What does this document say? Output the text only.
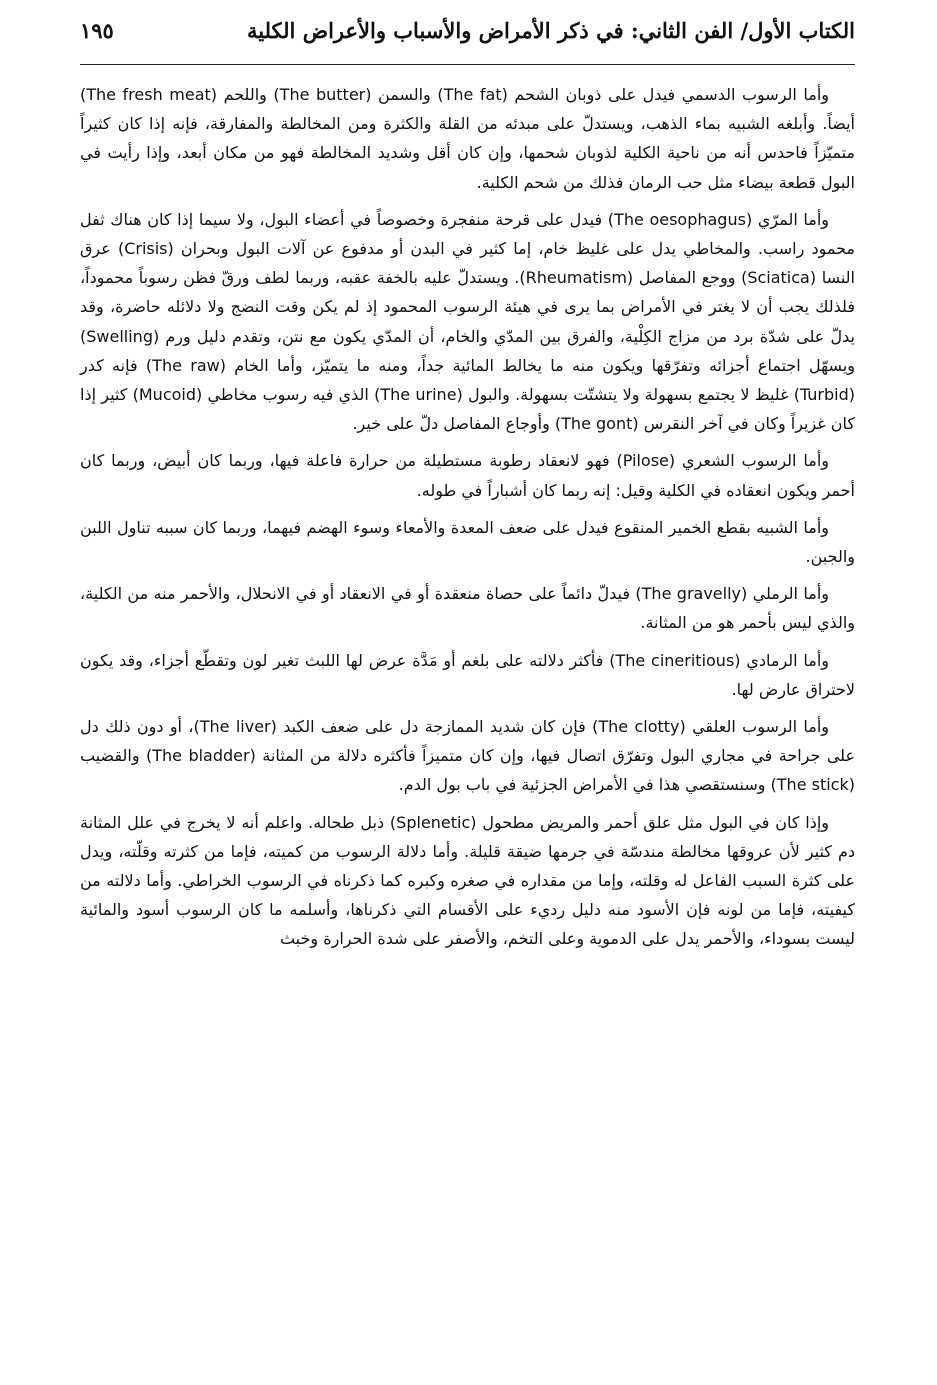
الكتاب الأول/ الفن الثاني: في ذكر الأمراض والأسباب والأعراض الكلية
١٩٥

وأما الرسوب الدسمي فيدل على ذوبان الشحم (The fat) والسمن (The butter) واللحم (The fresh meat) أيضاً. وأبلغه الشبيه بماء الذهب، ويستدلّ على مبدئه من القلة والكثرة ومن المخالطة والمفارقة، فإنه إذا كان كثيراً متميّزاً فاحدس أنه من ناحية الكلية لذوبان شحمها، وإن كان أقل وشديد المخالطة فهو من مكان أبعد، وإذا رأيت في البول قطعة بيضاء مثل حب الرمان فذلك من شحم الكلية.

وأما المرّي (The oesophagus) فيدل على قرحة منفجرة وخصوصاً في أعضاء البول، ولا سيما إذا كان هناك ثفل محمود راسب. والمخاطي يدل على غليظ خام، إما كثير في البدن أو مدفوع عن آلات البول وبحران (Crisis) عرق النسا (Sciatica) ووجع المفاصل (Rheumatism). ويستدلّ عليه بالخفة عقبه، وربما لطف ورقّ فظن رسوباً محموداً، فلذلك يجب أن لا يغتر في الأمراض بما يرى في هيئة الرسوب المحمود إذ لم يكن وقت النضج ولا دلائله حاضرة، وقد يدلّ على شدّة برد من مزاج الكِلْية، والفرق بين المدّي والخام، أن المدّي يكون مع نتن، وتقدم دليل ورم (Swelling) ويسهّل اجتماع أجزائه وتفرّقها ويكون منه ما يخالط المائية جداً، ومنه ما يتميّز، وأما الخام (The raw) فإنه كدر (Turbid) غليظ لا يجتمع بسهولة ولا يتشتّت بسهولة. والبول (The urine) الذي فيه رسوب مخاطي (Mucoid) كثير إذا كان غزيراً وكان في آخر النقرس (The gont) وأوجاع المفاصل دلّ على خير.

وأما الرسوب الشعري (Pilose) فهو لانعقاد رطوبة مستطيلة من حرارة فاعلة فيها، وربما كان أبيض، وربما كان أحمر ويكون انعقاده في الكلية وقيل: إنه ربما كان أشباراً في طوله.

وأما الشبيه بقطع الخمير المنقوع فيدل على ضعف المعدة والأمعاء وسوء الهضم فيهما، وربما كان سببه تناول اللبن والجبن.

وأما الرملي (The gravelly) فيدلّ دائماً على حصاة منعقدة أو في الانعقاد أو في الانحلال، والأحمر منه من الكلية، والذي ليس بأحمر هو من المثانة.

وأما الرمادي (The cineritious) فأكثر دلالته على بلغم أو مَدَّة عرض لها اللبث تغير لون وتقطّع أجزاء، وقد يكون لاحتراق عارض لها.

وأما الرسوب العلقي (The clotty) فإن كان شديد الممازجة دل على ضعف الكبد (The liver)، أو دون ذلك دل على جراحة في مجاري البول وتفرّق اتصال فيها، وإن كان متميزاً فأكثره دلالة من المثانة (The bladder) والقضيب (The stick) وسنستقصي هذا في الأمراض الجزئية في باب بول الدم.

وإذا كان في البول مثل علق أحمر والمريض مطحول (Splenetic) ذبل طحاله. واعلم أنه لا يخرج في علل المثانة دم كثير لأن عروقها مخالطة مندسّة في جرمها ضيقة قليلة. وأما دلالة الرسوب من كميته، فإما من كثرته وقلّته، ويدل على كثرة السبب الفاعل له وقلته، وإما من مقداره في صغره وكبره كما ذكرناه في الرسوب الخراطي. وأما دلالته من كيفيته، فإما من لونه فإن الأسود منه دليل رديء على الأقسام التي ذكرناها، وأسلمه ما كان الرسوب أسود والمائية ليست بسوداء، والأحمر يدل على الدموية وعلى التخم، والأصفر على شدة الحرارة وخبث
